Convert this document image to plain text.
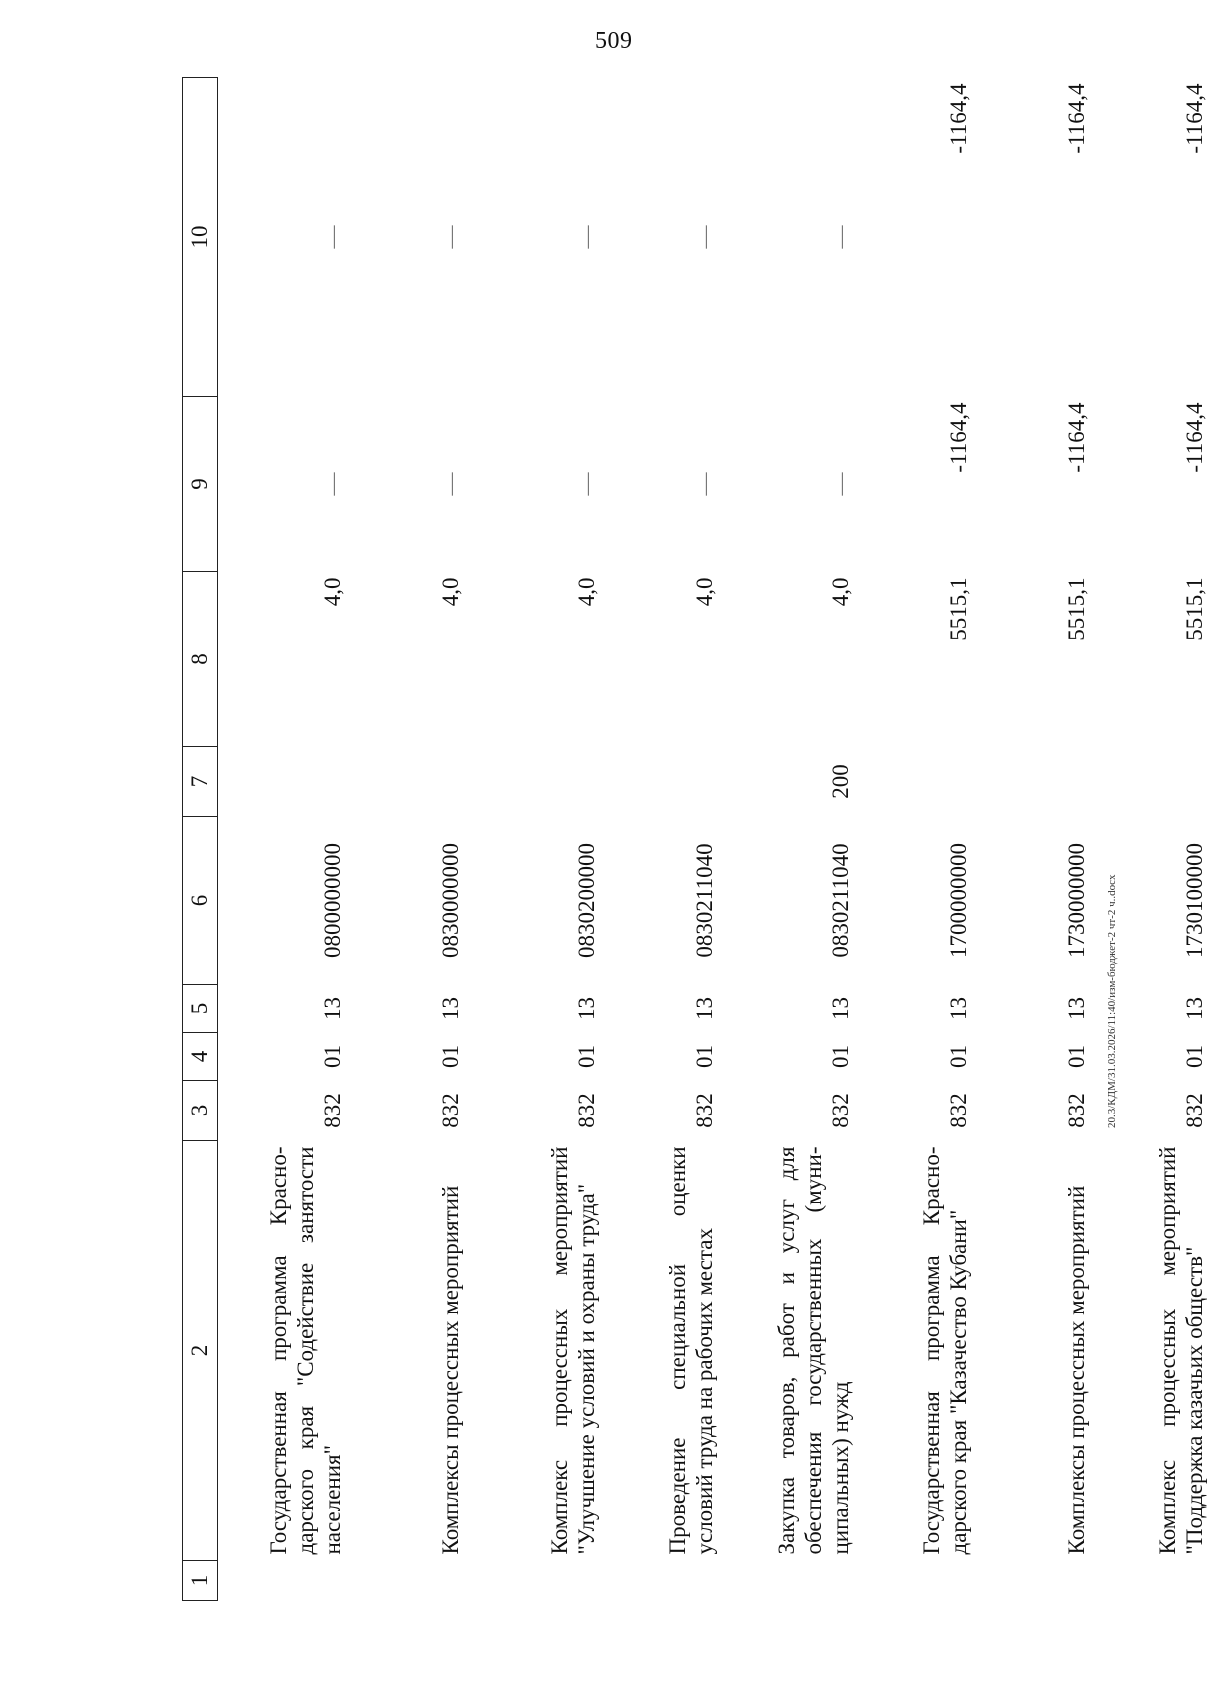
509
1	2	3	4	5	6	7	8	9	10
	Государственная программа Красно- дарского края "Содействие занятости населения"	832	01	13	0800000000		4,0	—	—
	Комплексы процессных мероприятий	832	01	13	0830000000		4,0	—	—
	Комплекс процессных мероприятий "Улучшение условий и охраны труда"	832	01	13	0830200000		4,0	—	—
	Проведение специальной оценки условий труда на рабочих местах	832	01	13	0830211040		4,0	—	—
	Закупка товаров, работ и услуг для обеспечения государственных (муни- ципальных) нужд	832	01	13	0830211040	200	4,0	—	—
	Государственная программа Красно- дарского края "Казачество Кубани"	832	01	13	1700000000		5515,1	-1164,4	-1164,4
	Комплексы процессных мероприятий	832	01	13	1730000000		5515,1	-1164,4	-1164,4
	Комплекс процессных мероприятий "Поддержка казачьих обществ"	832	01	13	1730100000		5515,1	-1164,4	-1164,4
20.3/КДМ/31.03.2026/11:40/изм-бюджет-2 чт-2 ч..docx
